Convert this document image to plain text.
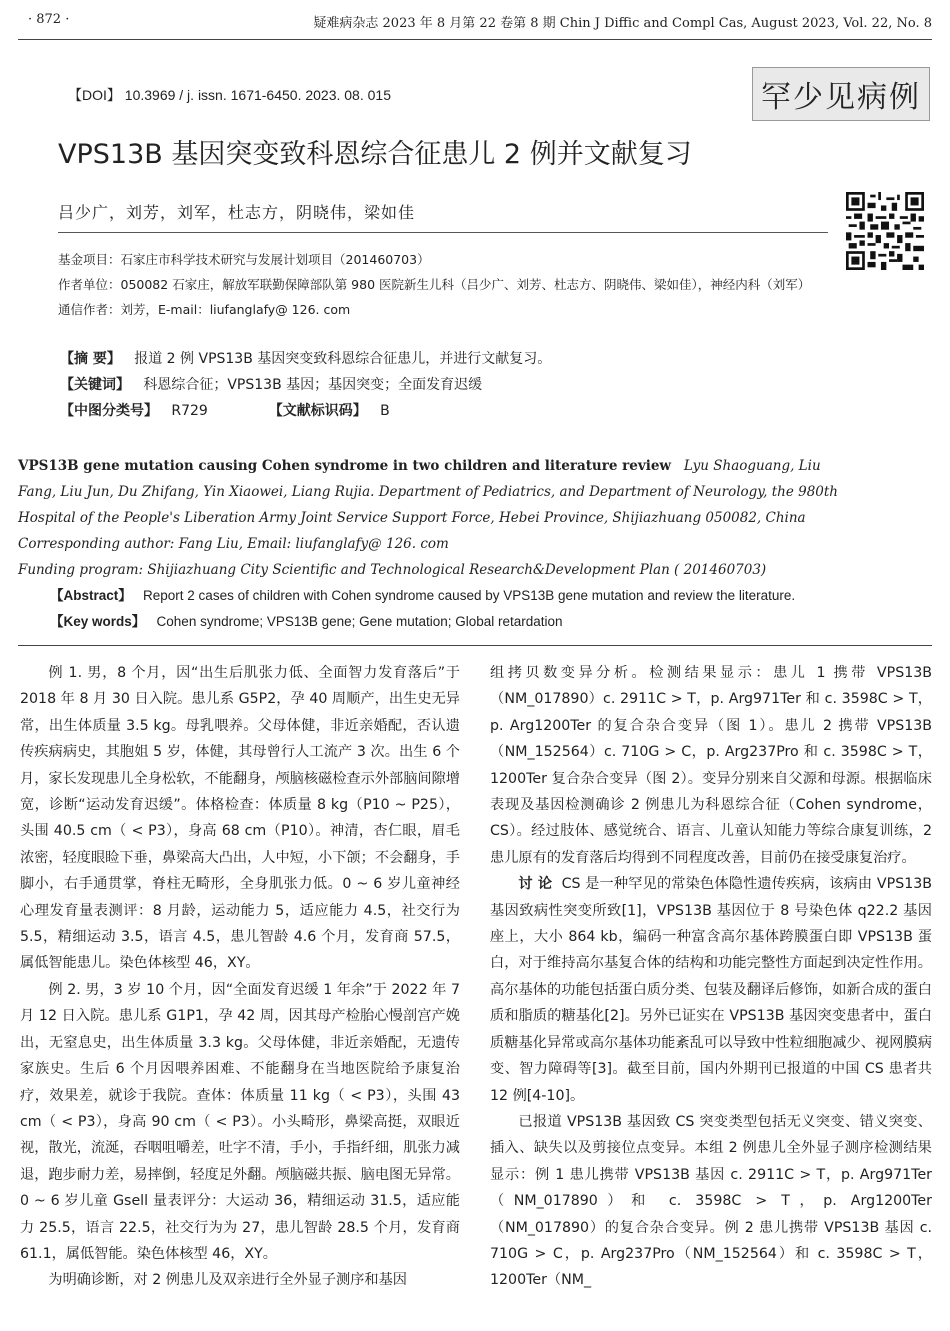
· 872 ·	疑难病杂志 2023 年 8 月第 22 卷第 8 期 Chin J Diffic and Compl Cas, August 2023, Vol. 22, No. 8
【DOI】 10.3969 / j. issn. 1671-6450. 2023. 08. 015	罕少见病例
VPS13B 基因突变致科恩综合征患儿 2 例并文献复习
吕少广，刘芳，刘军，杜志方，阴晓伟，梁如佳
基金项目：石家庄市科学技术研究与发展计划项目（201460703）
作者单位：050082 石家庄，解放军联勤保障部队第 980 医院新生儿科（吕少广、刘芳、杜志方、阴晓伟、梁如佳），神经内科（刘军）
通信作者：刘芳，E-mail：liufanglafy@ 126. com
【摘 要】 报道 2 例 VPS13B 基因突变致科恩综合征患儿，并进行文献复习。
【关键词】 科恩综合征；VPS13B 基因；基因突变；全面发育迟缓
【中图分类号】 R729	【文献标识码】 B
VPS13B gene mutation causing Cohen syndrome in two children and literature review Lyu Shaoguang, Liu Fang, Liu Jun, Du Zhifang, Yin Xiaowei, Liang Rujia. Department of Pediatrics, and Department of Neurology, the 980th Hospital of the People's Liberation Army Joint Service Support Force, Hebei Province, Shijiazhuang 050082, China
Corresponding author: Fang Liu, Email: liufanglafy@ 126. com
Funding program: Shijiazhuang City Scientific and Technological Research&Development Plan ( 201460703)
【Abstract】 Report 2 cases of children with Cohen syndrome caused by VPS13B gene mutation and review the literature.
【Key words】 Cohen syndrome; VPS13B gene; Gene mutation; Global retardation

例 1. 男，8 个月，因“出生后肌张力低、全面智力发育落后”于 2018 年 8 月 30 日入院。患儿系 G5P2，孕 40 周顺产，出生史无异常，出生体质量 3.5 kg。母乳喂养。父母体健，非近亲婚配，否认遗传疾病病史，其胞姐 5 岁，体健，其母曾行人工流产 3 次。出生 6 个月，家长发现患儿全身松软，不能翻身，颅脑核磁检查示外部脑间隙增宽，诊断“运动发育迟缓”。体格检查：体质量 8 kg（P10 ~ P25），头围 40.5 cm（ < P3），身高 68 cm（P10）。神清，杏仁眼，眉毛浓密，轻度眼睑下垂，鼻梁高大凸出，人中短，小下颌；不会翻身，手脚小，右手通贯掌，脊柱无畸形，全身肌张力低。0 ~ 6 岁儿童神经心理发育量表测评：8 月龄，运动能力 5，适应能力 4.5，社交行为 5.5，精细运动 3.5，语言 4.5，患儿智龄 4.6 个月，发育商 57.5，属低智能患儿。染色体核型 46，XY。

例 2. 男，3 岁 10 个月，因“全面发育迟缓 1 年余”于 2022 年 7 月 12 日入院。患儿系 G1P1，孕 42 周，因其母产检胎心慢剖宫产娩出，无窒息史，出生体质量 3.3 kg。父母体健，非近亲婚配，无遗传家族史。生后 6 个月因喂养困难、不能翻身在当地医院给予康复治疗，效果差，就诊于我院。查体：体质量 11 kg（ < P3），头围 43 cm（ < P3），身高 90 cm（ < P3）。小头畸形，鼻梁高挺，双眼近视，散光，流涎，吞咽咀嚼差，吐字不清，手小，手指纤细，肌张力减退，跑步耐力差，易摔倒，轻度足外翻。颅脑磁共振、脑电图无异常。0 ~ 6 岁儿童 Gsell 量表评分：大运动 36，精细运动 31.5，适应能力 25.5，语言 22.5，社交行为为 27，患儿智龄 28.5 个月，发育商 61.1，属低智能。染色体核型 46，XY。

为明确诊断，对 2 例患儿及双亲进行全外显子测序和基因

组拷贝数变异分析。检测结果显示：患儿 1 携带 VPS13B（NM_017890）c. 2911C > T，p. Arg971Ter 和 c. 3598C > T，p. Arg1200Ter 的复合杂合变异（图 1）。患儿 2 携带 VPS13B（NM_152564）c. 710G > C，p. Arg237Pro 和 c. 3598C > T，1200Ter 复合杂合变异（图 2）。变异分别来自父源和母源。根据临床表现及基因检测确诊 2 例患儿为科恩综合征（Cohen syndrome，CS）。经过肢体、感觉统合、语言、儿童认知能力等综合康复训练，2 患儿原有的发育落后均得到不同程度改善，目前仍在接受康复治疗。

讨 论 CS 是一种罕见的常染色体隐性遗传疾病，该病由 VPS13B 基因致病性突变所致[1]，VPS13B 基因位于 8 号染色体 q22.2 基因座上，大小 864 kb，编码一种富含高尔基体跨膜蛋白即 VPS13B 蛋白，对于维持高尔基复合体的结构和功能完整性方面起到决定性作用。高尔基体的功能包括蛋白质分类、包装及翻译后修饰，如新合成的蛋白质和脂质的糖基化[2]。另外已证实在 VPS13B 基因突变患者中，蛋白质糖基化异常或高尔基体功能紊乱可以导致中性粒细胞减少、视网膜病变、智力障碍等[3]。截至目前，国内外期刊已报道的中国 CS 患者共 12 例[4-10]。

已报道 VPS13B 基因致 CS 突变类型包括无义突变、错义突变、插入、缺失以及剪接位点变异。本组 2 例患儿全外显子测序检测结果显示：例 1 患儿携带 VPS13B 基因 c. 2911C > T，p. Arg971Ter（NM_017890）和 c. 3598C > T，p. Arg1200Ter（NM_017890）的复合杂合变异。例 2 患儿携带 VPS13B 基因 c. 710G > C，p. Arg237Pro（NM_152564）和 c. 3598C > T，1200Ter（NM_
